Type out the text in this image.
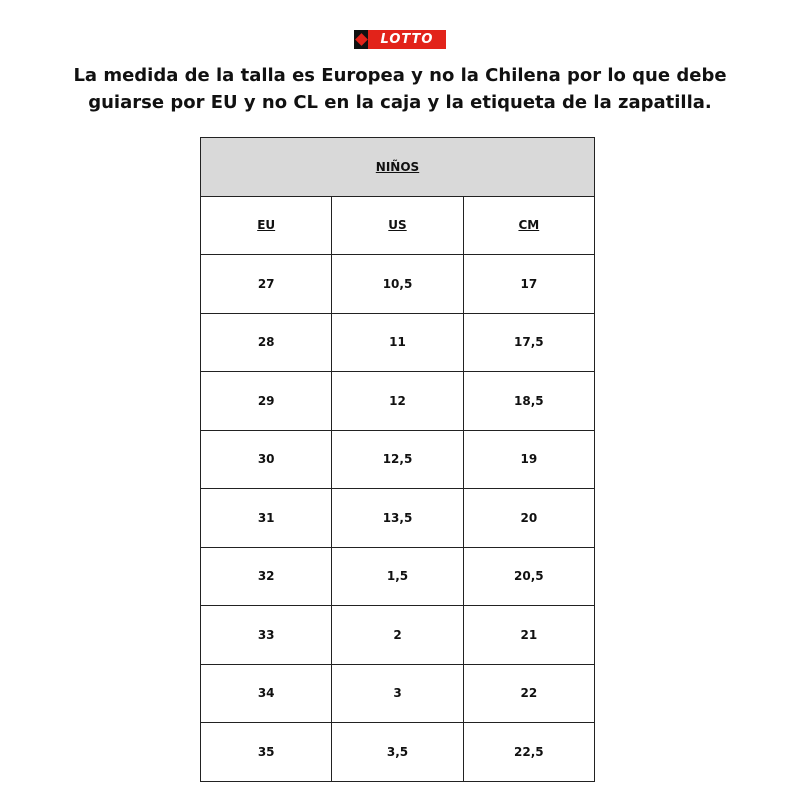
LOTTO
La medida de la talla es Europea y no la Chilena por lo que debe
guiarse por EU y no CL en la caja y la etiqueta de la zapatilla.
NIÑOS		
EU	US	CM
27	10,5	17
28	11	17,5
29	12	18,5
30	12,5	19
31	13,5	20
32	1,5	20,5
33	2	21
34	3	22
35	3,5	22,5
